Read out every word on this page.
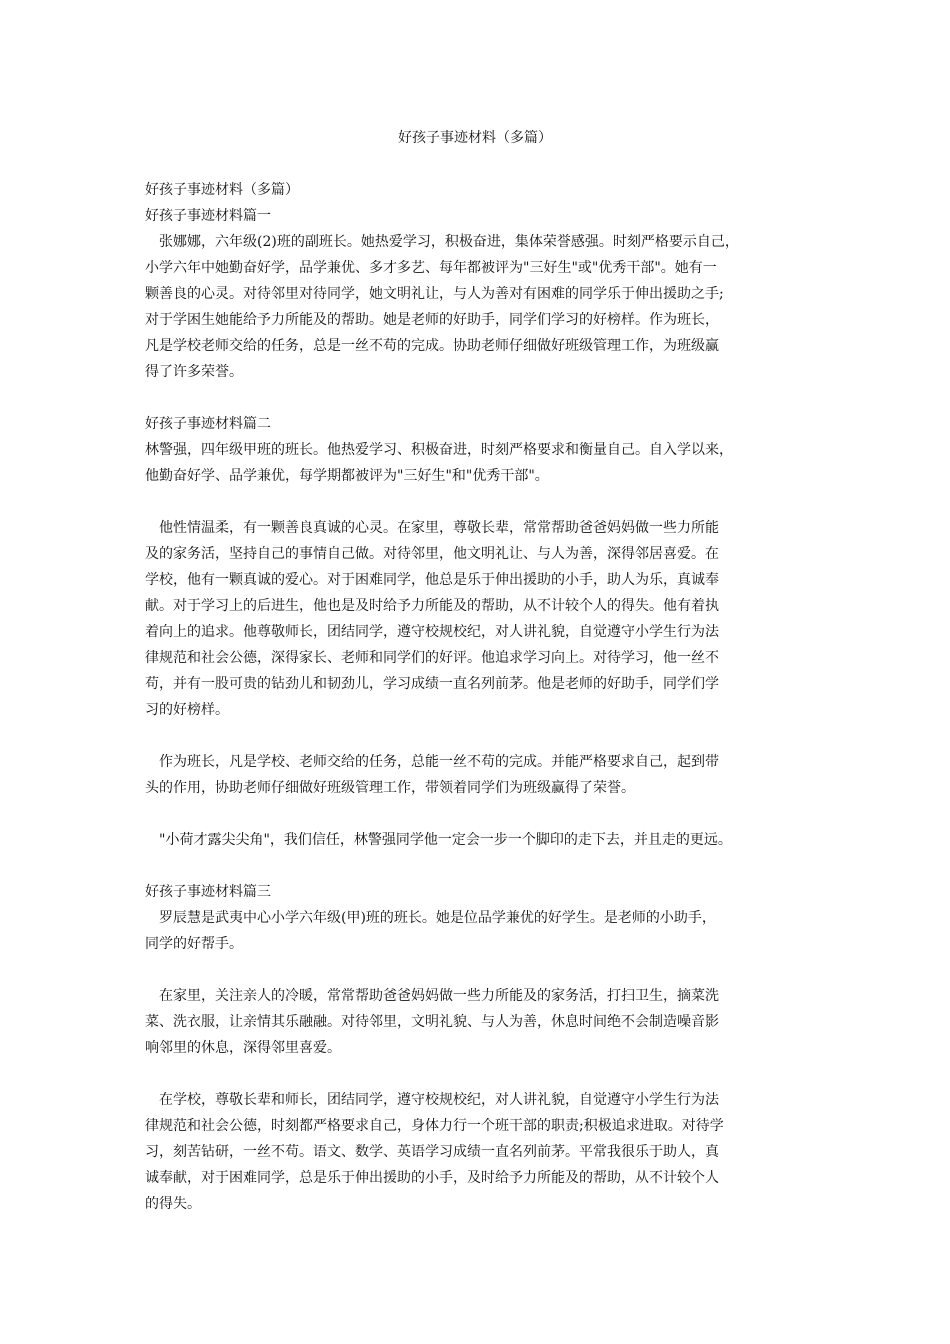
好孩子事迹材料（多篇）
好孩子事迹材料（多篇）
好孩子事迹材料篇一
　张娜娜，六年级(2)班的副班长。她热爱学习，积极奋进，集体荣誉感强。时刻严格要示自己，
小学六年中她勤奋好学，品学兼优、多才多艺、每年都被评为"三好生"或"优秀干部"。她有一
颗善良的心灵。对待邻里对待同学，她文明礼让，与人为善对有困难的同学乐于伸出援助之手;
对于学困生她能给予力所能及的帮助。她是老师的好助手，同学们学习的好榜样。作为班长，
凡是学校老师交给的任务，总是一丝不苟的完成。协助老师仔细做好班级管理工作，为班级赢
得了许多荣誉。
好孩子事迹材料篇二
林警强，四年级甲班的班长。他热爱学习、积极奋进，时刻严格要求和衡量自己。自入学以来，
他勤奋好学、品学兼优，每学期都被评为"三好生"和"优秀干部"。
　他性情温柔，有一颗善良真诚的心灵。在家里，尊敬长辈，常常帮助爸爸妈妈做一些力所能
及的家务活，坚持自己的事情自己做。对待邻里，他文明礼让、与人为善，深得邻居喜爱。在
学校，他有一颗真诚的爱心。对于困难同学，他总是乐于伸出援助的小手，助人为乐，真诚奉
献。对于学习上的后进生，他也是及时给予力所能及的帮助，从不计较个人的得失。他有着执
着向上的追求。他尊敬师长，团结同学，遵守校规校纪，对人讲礼貌，自觉遵守小学生行为法
律规范和社会公德，深得家长、老师和同学们的好评。他追求学习向上。对待学习，他一丝不
苟，并有一股可贵的钻劲儿和韧劲儿，学习成绩一直名列前茅。他是老师的好助手，同学们学
习的好榜样。
　作为班长，凡是学校、老师交给的任务，总能一丝不苟的完成。并能严格要求自己，起到带
头的作用，协助老师仔细做好班级管理工作，带领着同学们为班级赢得了荣誉。
　"小荷才露尖尖角"，我们信任，林警强同学他一定会一步一个脚印的走下去，并且走的更远。
好孩子事迹材料篇三
　罗辰慧是武夷中心小学六年级(甲)班的班长。她是位品学兼优的好学生。是老师的小助手，
同学的好帮手。
　在家里，关注亲人的冷暖，常常帮助爸爸妈妈做一些力所能及的家务活，打扫卫生，摘菜洗
菜、洗衣服，让亲情其乐融融。对待邻里，文明礼貌、与人为善，休息时间绝不会制造噪音影
响邻里的休息，深得邻里喜爱。
　在学校，尊敬长辈和师长，团结同学，遵守校规校纪，对人讲礼貌，自觉遵守小学生行为法
律规范和社会公德，时刻都严格要求自己，身体力行一个班干部的职责;积极追求进取。对待学
习，刻苦钻研，一丝不苟。语文、数学、英语学习成绩一直名列前茅。平常我很乐于助人，真
诚奉献，对于困难同学，总是乐于伸出援助的小手，及时给予力所能及的帮助，从不计较个人
的得失。
